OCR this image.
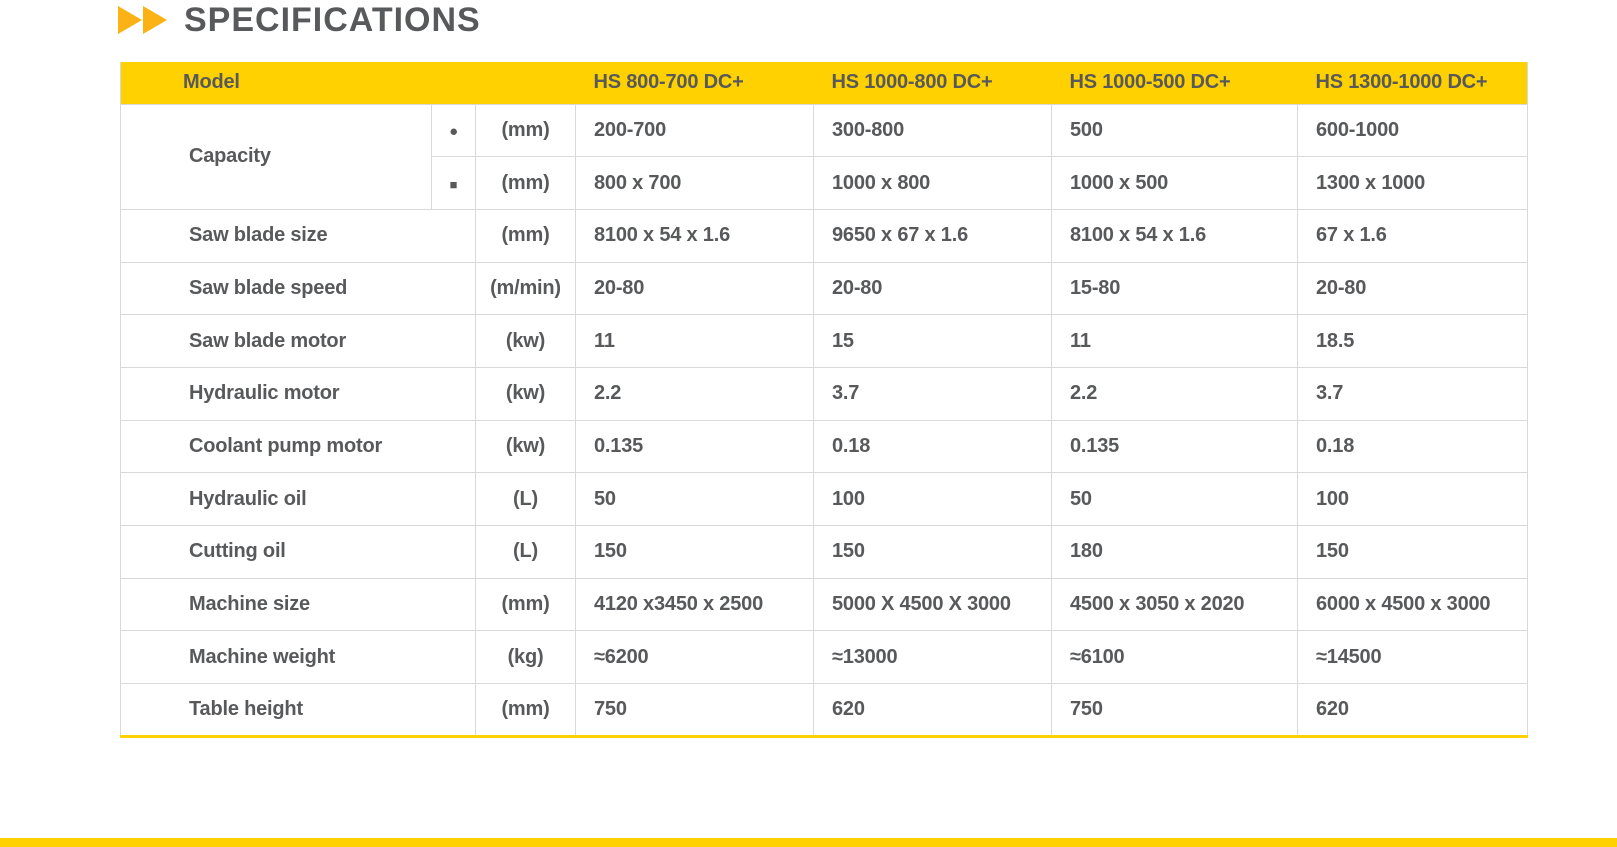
SPECIFICATIONS
Model			HS 800-700 DC+	HS 1000-800 DC+	HS 1000-500 DC+	HS 1300-1000 DC+
Capacity	●	(mm)	200-700	300-800	500	600-1000
	■	(mm)	800 x 700	1000 x 800	1000 x 500	1300 x 1000
Saw blade size		(mm)	8100 x 54 x 1.6	9650 x 67 x 1.6	8100 x 54 x 1.6	67 x 1.6
Saw blade speed		(m/min)	20-80	20-80	15-80	20-80
Saw blade motor		(kw)	11	15	11	18.5
Hydraulic motor		(kw)	2.2	3.7	2.2	3.7
Coolant pump motor		(kw)	0.135	0.18	0.135	0.18
Hydraulic oil		(L)	50	100	50	100
Cutting oil		(L)	150	150	180	150
Machine size		(mm)	4120 x3450 x 2500	5000 X 4500 X 3000	4500 x 3050 x 2020	6000 x 4500 x 3000
Machine weight		(kg)	≈6200	≈13000	≈6100	≈14500
Table height		(mm)	750	620	750	620
